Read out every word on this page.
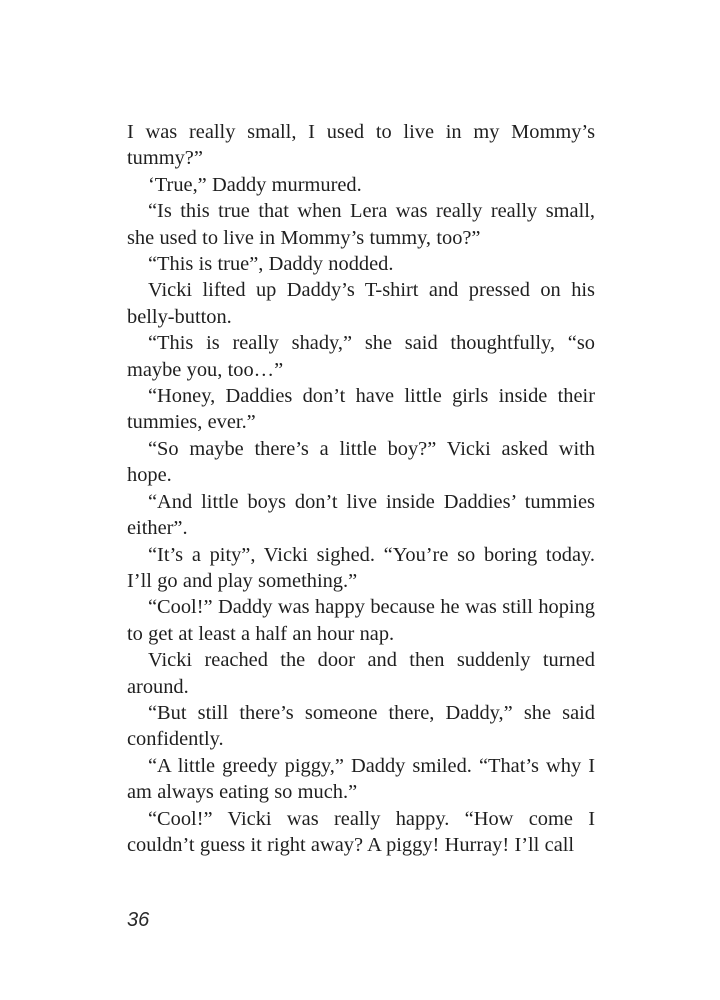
I was really small, I used to live in my Mommy’s tummy?”

‘True,” Daddy murmured.

“Is this true that when Lera was really really small, she used to live in Mommy’s tummy, too?”

“This is true”, Daddy nodded.

Vicki lifted up Daddy’s T-shirt and pressed on his belly-button.

“This is really shady,” she said thoughtfully, “so maybe you, too…”

“Honey, Daddies don’t have little girls inside their tummies, ever.”

“So maybe there’s a little boy?” Vicki asked with hope.

“And little boys don’t live inside Daddies’ tummies either”.

“It’s a pity”, Vicki sighed. “You’re so boring today. I’ll go and play something.”

“Cool!” Daddy was happy because he was still hoping to get at least a half an hour nap.

Vicki reached the door and then suddenly turned around.

“But still there’s someone there, Daddy,” she said confidently.

“A little greedy piggy,” Daddy smiled. “That’s why I am always eating so much.”

“Cool!” Vicki was really happy. “How come I couldn’t guess it right away? A piggy! Hurray! I’ll call

36
